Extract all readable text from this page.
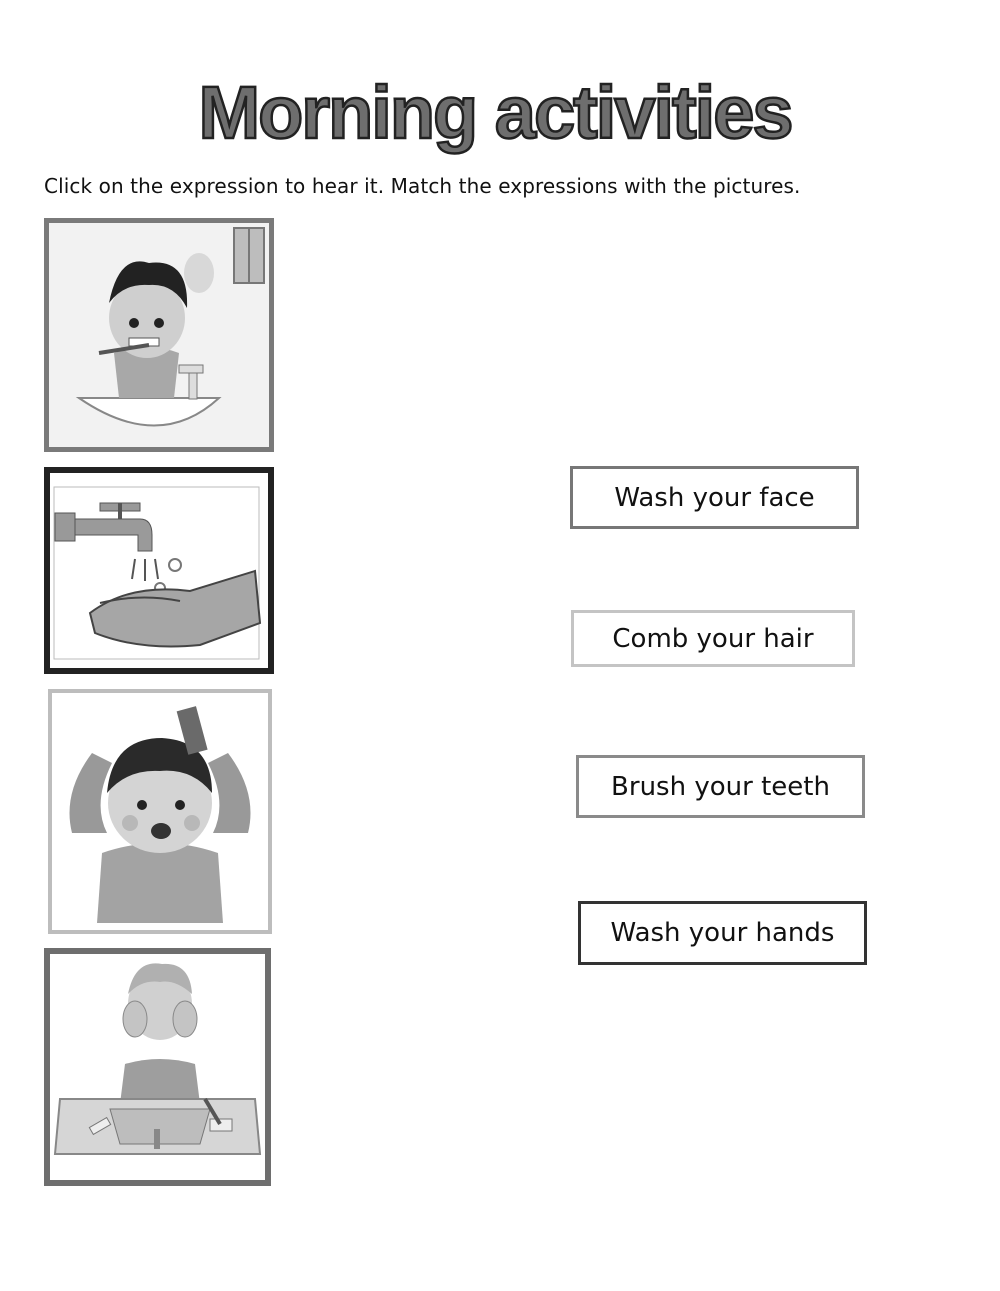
Morning activities
Click on the expression to hear it. Match the expressions with the pictures.
Wash your face
Comb your hair
Brush your teeth
Wash your hands
